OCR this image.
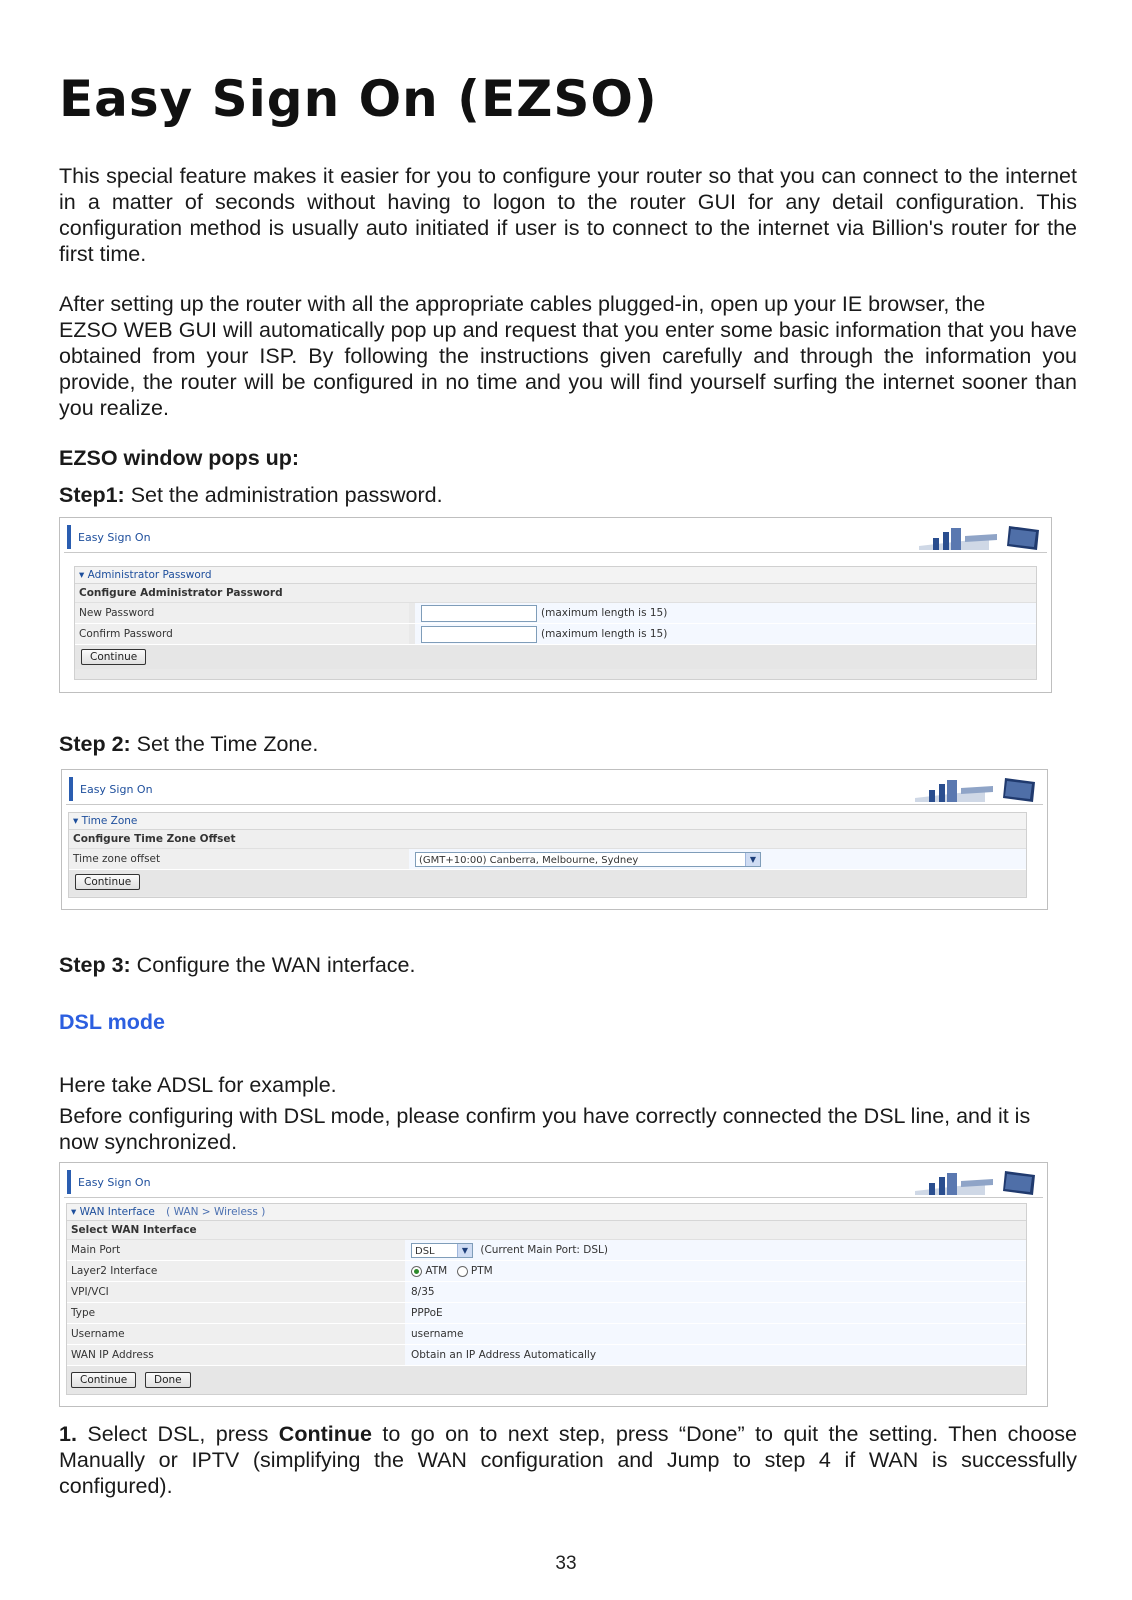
Easy Sign On (EZSO)

This special feature makes it easier for you to configure your router so that you can connect to the internet in a matter of seconds without having to logon to the router GUI for any detail configuration. This configuration method is usually auto initiated if user is to connect to the internet via Billion's router for the first time.

After setting up the router with all the appropriate cables plugged-in, open up your IE browser, the

EZSO WEB GUI will automatically pop up and request that you enter some basic information that you have obtained from your ISP. By following the instructions given carefully and through the information you provide, the router will be configured in no time and you will find yourself surfing the internet sooner than you realize.

EZSO window pops up:

Step1: Set the administration password.

Easy Sign On
▾ Administrator Password
Configure Administrator Password
New Password	(maximum length is 15)
Confirm Password	(maximum length is 15)
Continue

Step 2: Set the Time Zone.

Easy Sign On
▾ Time Zone
Configure Time Zone Offset
Time zone offset	(GMT+10:00) Canberra, Melbourne, Sydney	▼
Continue

Step 3: Configure the WAN interface.

DSL mode

Here take ADSL for example.

Before configuring with DSL mode, please confirm you have correctly connected the DSL line, and it is now synchronized.

Easy Sign On
▾ WAN Interface ( WAN > Wireless )
Select WAN Interface
Main Port	DSL	▼	(Current Main Port: DSL)
Layer2 Interface	ATM PTM
VPI/VCI	8/35
Type	PPPoE
Username	username
WAN IP Address	Obtain an IP Address Automatically
Continue	Done

1. Select DSL, press Continue to go on to next step, press “Done” to quit the setting. Then choose Manually or IPTV (simplifying the WAN configuration and Jump to step 4 if WAN is successfully configured).

33
